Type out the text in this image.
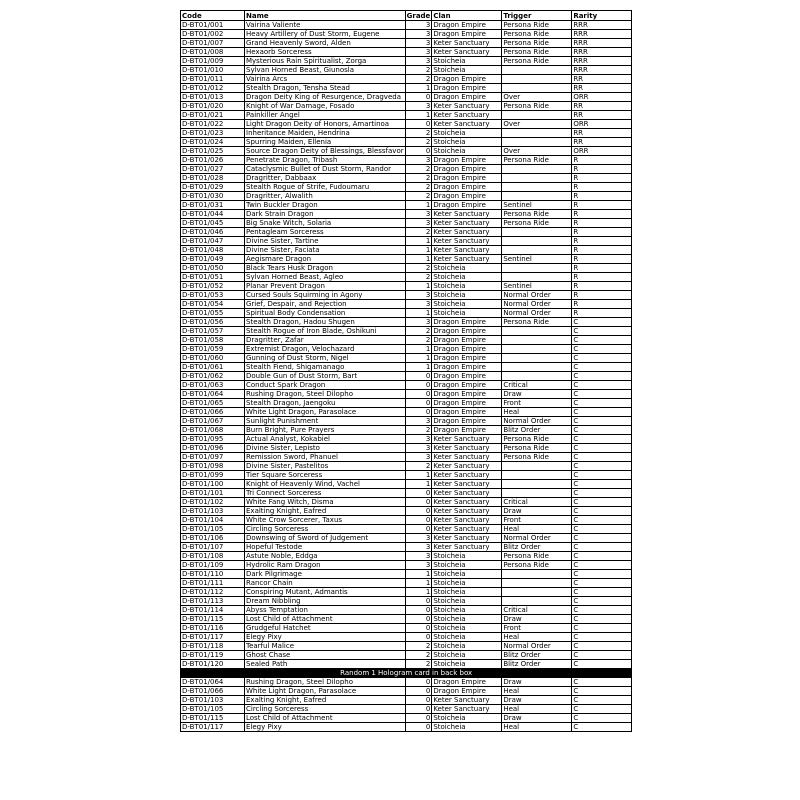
Code	Name	Grade	Clan	Trigger	Rarity
D-BT01/001	Vairina Valiente	3	Dragon Empire	Persona Ride	RRR
D-BT01/002	Heavy Artillery of Dust Storm, Eugene	3	Dragon Empire	Persona Ride	RRR
D-BT01/007	Grand Heavenly Sword, Alden	3	Keter Sanctuary	Persona Ride	RRR
D-BT01/008	Hexaorb Sorceress	3	Keter Sanctuary	Persona Ride	RRR
D-BT01/009	Mysterious Rain Spiritualist, Zorga	3	Stoicheia	Persona Ride	RRR
D-BT01/010	Sylvan Horned Beast, Giunosla	2	Stoicheia		RRR
D-BT01/011	Vairina Arcs	2	Dragon Empire		RR
D-BT01/012	Stealth Dragon, Tensha Stead	1	Dragon Empire		RR
D-BT01/013	Dragon Deity King of Resurgence, Dragveda	0	Dragon Empire	Over	ORR
D-BT01/020	Knight of War Damage, Fosado	3	Keter Sanctuary	Persona Ride	RR
D-BT01/021	Painkiller Angel	1	Keter Sanctuary		RR
D-BT01/022	Light Dragon Deity of Honors, Amartinoa	0	Keter Sanctuary	Over	ORR
D-BT01/023	Inheritance Maiden, Hendrina	2	Stoicheia		RR
D-BT01/024	Spurring Maiden, Ellenia	2	Stoicheia		RR
D-BT01/025	Source Dragon Deity of Blessings, Blessfavor	0	Stoicheia	Over	ORR
D-BT01/026	Penetrate Dragon, Tribash	3	Dragon Empire	Persona Ride	R
D-BT01/027	Cataclysmic Bullet of Dust Storm, Randor	2	Dragon Empire		R
D-BT01/028	Dragritter, Dabbaax	2	Dragon Empire		R
D-BT01/029	Stealth Rogue of Strife, Fudoumaru	2	Dragon Empire		R
D-BT01/030	Dragritter, Alwalith	2	Dragon Empire		R
D-BT01/031	Twin Buckler Dragon	1	Dragon Empire	Sentinel	R
D-BT01/044	Dark Strain Dragon	3	Keter Sanctuary	Persona Ride	R
D-BT01/045	Big Snake Witch, Solaria	3	Keter Sanctuary	Persona Ride	R
D-BT01/046	Pentagleam Sorceress	2	Keter Sanctuary		R
D-BT01/047	Divine Sister, Tartine	1	Keter Sanctuary		R
D-BT01/048	Divine Sister, Faciata	1	Keter Sanctuary		R
D-BT01/049	Aegismare Dragon	1	Keter Sanctuary	Sentinel	R
D-BT01/050	Black Tears Husk Dragon	2	Stoicheia		R
D-BT01/051	Sylvan Horned Beast, Agleo	2	Stoicheia		R
D-BT01/052	Planar Prevent Dragon	1	Stoicheia	Sentinel	R
D-BT01/053	Cursed Souls Squirming in Agony	3	Stoicheia	Normal Order	R
D-BT01/054	Grief, Despair, and Rejection	3	Stoicheia	Normal Order	R
D-BT01/055	Spiritual Body Condensation	1	Stoicheia	Normal Order	R
D-BT01/056	Stealth Dragon, Hadou Shugen	3	Dragon Empire	Persona Ride	C
D-BT01/057	Stealth Rogue of Iron Blade, Oshikuni	2	Dragon Empire		C
D-BT01/058	Dragritter, Zafar	2	Dragon Empire		C
D-BT01/059	Extremist Dragon, Velochazard	1	Dragon Empire		C
D-BT01/060	Gunning of Dust Storm, Nigel	1	Dragon Empire		C
D-BT01/061	Stealth Fiend, Shigamanago	1	Dragon Empire		C
D-BT01/062	Double Gun of Dust Storm, Bart	0	Dragon Empire		C
D-BT01/063	Conduct Spark Dragon	0	Dragon Empire	Critical	C
D-BT01/064	Rushing Dragon, Steel Dilopho	0	Dragon Empire	Draw	C
D-BT01/065	Stealth Dragon, Jaengoku	0	Dragon Empire	Front	C
D-BT01/066	White Light Dragon, Parasolace	0	Dragon Empire	Heal	C
D-BT01/067	Sunlight Punishment	3	Dragon Empire	Normal Order	C
D-BT01/068	Burn Bright, Pure Prayers	2	Dragon Empire	Blitz Order	C
D-BT01/095	Actual Analyst, Kokabiel	3	Keter Sanctuary	Persona Ride	C
D-BT01/096	Divine Sister, Lepisto	3	Keter Sanctuary	Persona Ride	C
D-BT01/097	Remission Sword, Phanuel	3	Keter Sanctuary	Persona Ride	C
D-BT01/098	Divine Sister, Pastelitos	2	Keter Sanctuary		C
D-BT01/099	Tier Square Sorceress	1	Keter Sanctuary		C
D-BT01/100	Knight of Heavenly Wind, Vachel	1	Keter Sanctuary		C
D-BT01/101	Tri Connect Sorceress	0	Keter Sanctuary		C
D-BT01/102	White Fang Witch, Disma	0	Keter Sanctuary	Critical	C
D-BT01/103	Exalting Knight, Eafred	0	Keter Sanctuary	Draw	C
D-BT01/104	White Crow Sorcerer, Taxus	0	Keter Sanctuary	Front	C
D-BT01/105	Circling Sorceress	0	Keter Sanctuary	Heal	C
D-BT01/106	Downswing of Sword of Judgement	3	Keter Sanctuary	Normal Order	C
D-BT01/107	Hopeful Testode	3	Keter Sanctuary	Blitz Order	C
D-BT01/108	Astute Noble, Eddga	3	Stoicheia	Persona Ride	C
D-BT01/109	Hydrolic Ram Dragon	3	Stoicheia	Persona Ride	C
D-BT01/110	Dark Pilgrimage	1	Stoicheia		C
D-BT01/111	Rancor Chain	1	Stoicheia		C
D-BT01/112	Conspiring Mutant, Admantis	1	Stoicheia		C
D-BT01/113	Dream Nibbling	0	Stoicheia		C
D-BT01/114	Abyss Temptation	0	Stoicheia	Critical	C
D-BT01/115	Lost Child of Attachment	0	Stoicheia	Draw	C
D-BT01/116	Grudgeful Hatchet	0	Stoicheia	Front	C
D-BT01/117	Elegy Pixy	0	Stoicheia	Heal	C
D-BT01/118	Tearful Malice	2	Stoicheia	Normal Order	C
D-BT01/119	Ghost Chase	2	Stoicheia	Blitz Order	C
D-BT01/120	Sealed Path	2	Stoicheia	Blitz Order	C
Random 1 Hologram card in back box					
D-BT01/064	Rushing Dragon, Steel Dilopho	0	Dragon Empire	Draw	C
D-BT01/066	White Light Dragon, Parasolace	0	Dragon Empire	Heal	C
D-BT01/103	Exalting Knight, Eafred	0	Keter Sanctuary	Draw	C
D-BT01/105	Circling Sorceress	0	Keter Sanctuary	Heal	C
D-BT01/115	Lost Child of Attachment	0	Stoicheia	Draw	C
D-BT01/117	Elegy Pixy	0	Stoicheia	Heal	C
